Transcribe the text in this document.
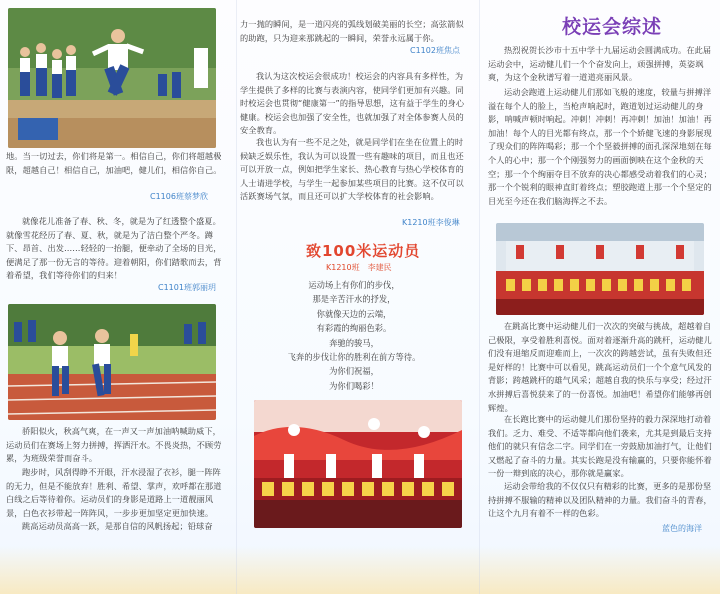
地。当一切过去，你们将是第一。相信自己，你们将超越极限，超越自己！相信自己，加油吧，健儿们，相信你自己。

C1106班蔡梦欣

就像花儿准备了春、秋、冬，就是为了红透整个盛夏。就像雪花经历了春、夏、秋，就是为了洁白整个严冬。蹲下、昂首、出发……轻轻的一抬腿，便牵动了全场的目光，便满足了那一份无言的等待。迎着朝阳，你们踏歌而去，背着希望，我们等待你们的归来！

C1101班郭丽玥

骄阳似火，秋高气爽，在一声又一声加油呐喊助威下，运动员们在赛场上努力拼搏，挥洒汗水。不畏炎热，不顾劳累，为班级荣誉而奋斗。

跑步时，风刮得睁不开眼，汗水浸湿了衣衫，腿一阵阵的无力，但是不能放弃！胜利、希望、掌声，欢呼都在那道白线之后等待着你。运动员们的身影是道路上一道靓丽风景，白色衣衫带起一阵阵风，一步步更加坚定更加快速。

跳高运动员高高一跃，是那自信的风帆扬起；铅球奋

力一抛的瞬间，是一道闪亮的弧线划破美丽的长空；高弦箭似的助跑，只为迎来那跳起的一瞬间，荣誉永远属于你。

C1102班焦点

我认为这次校运会很成功！校运会的内容具有多样性，为学生提供了多样的比赛与表演内容，使同学们更加有兴趣。同时校运会也贯彻“健康第一”的指导思想，这有益于学生的身心健康。校运会也加强了安全性，也就加强了对全体参赛人员的安全教育。

我也认为有一些不足之处，就是同学们在坐在位置上的时候缺乏娱乐性，我认为可以设置一些有趣味的项目，而且也还可以开放一点，例如把学生家长、热心教育与热心学校体育的人士请进学校，与学生一起参加某些项目的比赛。这不仅可以活跃赛场气氛，而且还可以扩大学校体育的社会影响。

K1210班李俊琳
致100米运动员
K1210班　李建民
运动场上有你们的步伐，
那是辛苦汗水的抒发，
你就像天边的云端，
有彩霞的绚丽色彩。
奔驰的骏马，
飞奔的步伐让你的胜利在前方等待。
为你们祝福，
为你们喝彩！
校运会综述

热烈祝贺长沙市十五中学十九届运动会圆满成功。在此届运动会中，运动健儿们一个个奋发向上，顽强拼搏，英姿飒爽，为这个金秋谱写着一道道亮丽风景。

运动会跑道上运动健儿们那如飞般的速度，较量与拼搏洋溢在每个人的脸上，当枪声响起时，跑道划过运动健儿的身影，呐喊声顿时响起。冲刺！冲刺！再冲刺！加油！加油！再加油！每个人的目光都有终点，那一个个娇健飞速的身影展现了现众们的阵阵喝彩；那一个个坚毅拼搏的面孔深深地刻在每个人的心中；那一个个刚强努力的画面倒映在这个金秋的天空；那一个个绚丽夺目不放弃的决心都感受动着我们的心灵；那一个个锐利的眼神直盯着终点；塑胶跑道上那一个个坚定的目光至今还在我们脑海挥之不去。

在跳高比赛中运动健儿们一次次的突破与挑战，超越着自己极限，享受着胜利喜悦。面对着逐渐升高的跳杆，运动健儿们没有退缩反而迎难而上，一次次的跨越尝试，虽有失败但还是好样的！比赛中可以看见，跳高运动员们一个个意气风发的背影；跨越跳杆的雄气风采；超越自我的快乐与享受；经过汗水拼搏后喜悦获来了的一份喜悦。加油吧！希望你们能够再创辉煌。

在长跑比赛中的运动健儿们那份坚持的毅力深深地打动着我们。乏力、难受、不适等都向他们袭来，尤其是到最后支持他们的就只有信念二字。同学们在一旁鼓励加油打气，让他们又燃起了奋斗的力量。其实长跑是没有输赢的，只要你能怀着一份一辩到底的决心，那你就是赢家。

运动会带给我的不仅仅只有精彩的比赛，更多的是那份坚持拼搏不服输的精神以及团队精神的力量。我们奋斗的青春，让这个九月有着不一样的色彩。

蓝色的海洋
